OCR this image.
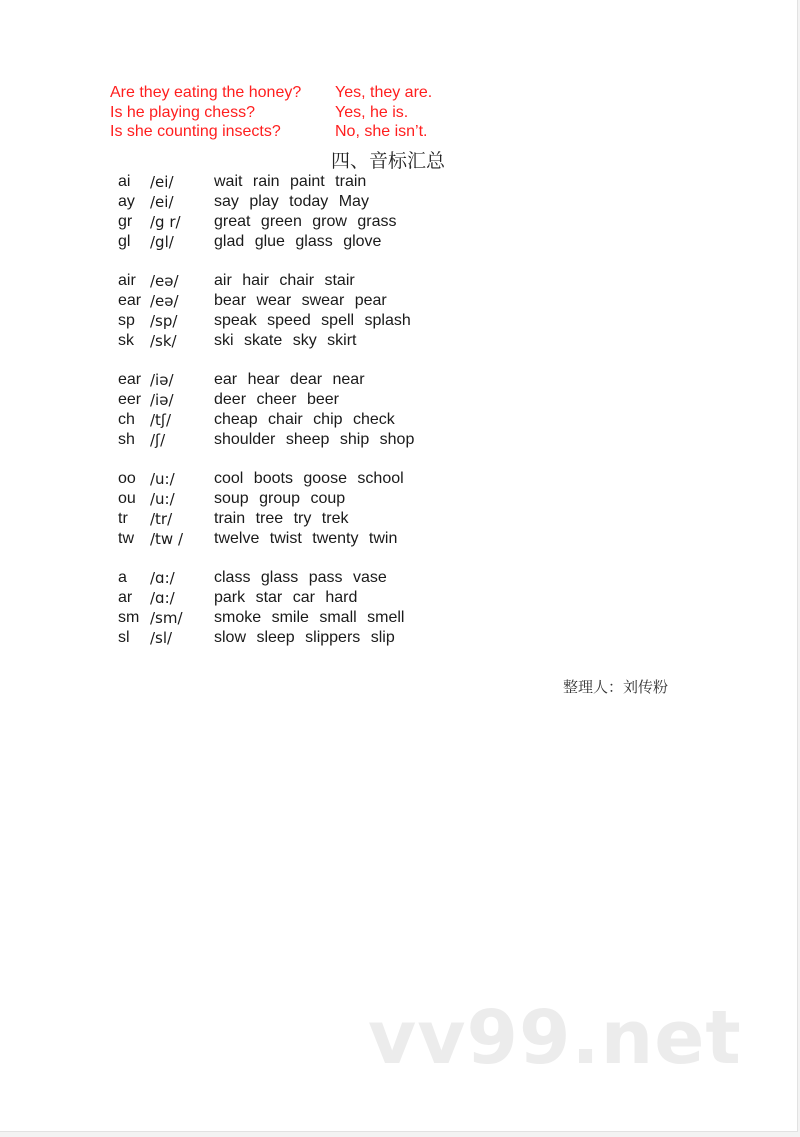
Are they eating the honey? Yes, they are.
Is he playing chess?	Yes, he is.
Is she counting insects?	No, she isn’t.
四、音标汇总
ai /ei/	wait rain paint train
ay /ei/	say play today May
gr /g r/ great green grow grass
gl /gl/	glad glue glass glove
air /eə/ air hair chair stair
ear /eə/ bear wear swear pear
sp /sp/ speak speed spell splash
sk /sk/ ski skate sky skirt
ear /iə/	ear hear dear near
eer /iə/	deer cheer beer
ch /tʃ/	cheap chair chip check
sh /ʃ/	shoulder sheep ship shop
oo /u:/ cool boots goose school
ou /u:/ soup group coup
tr /tr/	train tree try trek
tw /tw / twelve twist twenty twin
a /ɑ:/ class glass pass vase
ar /ɑ:/ park star car hard
sm /sm/ smoke smile small smell
sl /sl/	slow sleep slippers slip
整理人：刘传粉
vv99.net
